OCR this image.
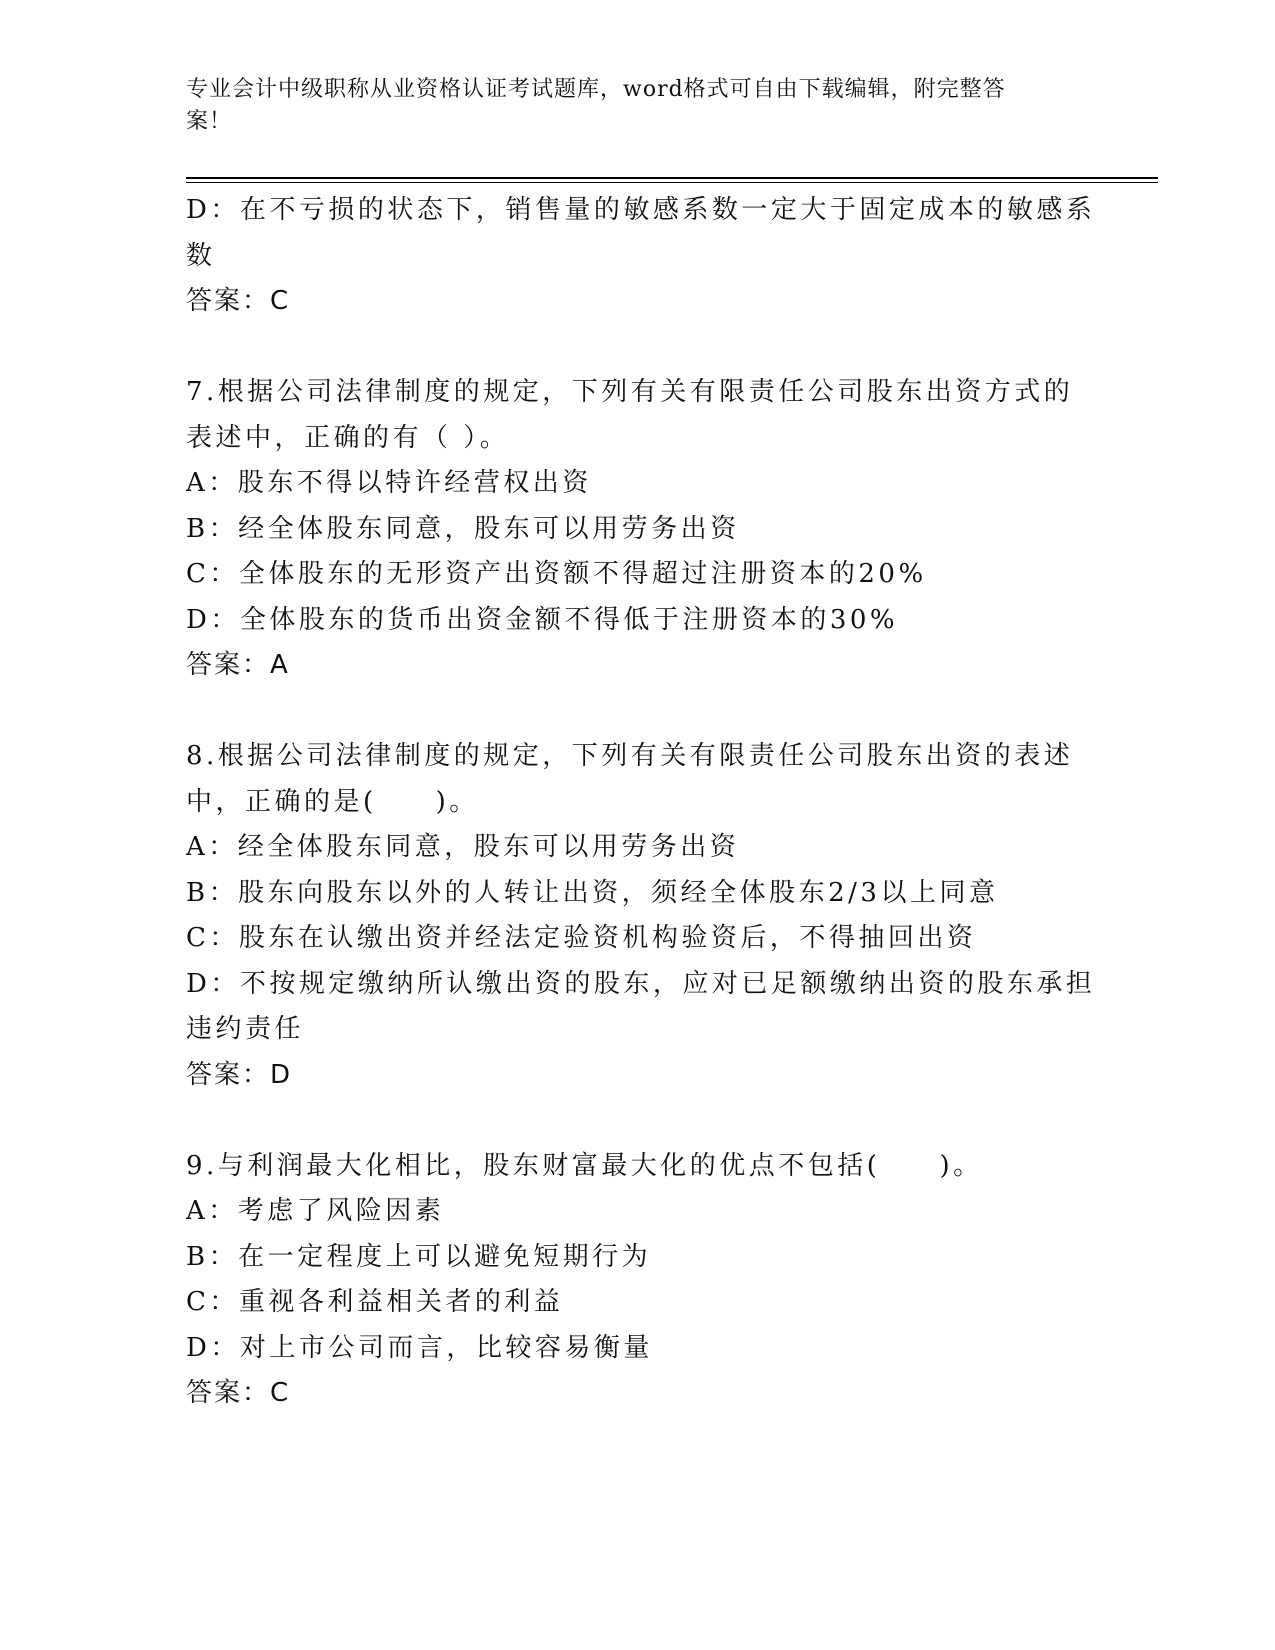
专业会计中级职称从业资格认证考试题库，word格式可自由下载编辑，附完整答
案！
D：在不亏损的状态下，销售量的敏感系数一定大于固定成本的敏感系
数
答案：C
7.根据公司法律制度的规定，下列有关有限责任公司股东出资方式的
表述中，正确的有（ ）。
A：股东不得以特许经营权出资
B：经全体股东同意，股东可以用劳务出资
C：全体股东的无形资产出资额不得超过注册资本的20%
D：全体股东的货币出资金额不得低于注册资本的30%
答案：A
8.根据公司法律制度的规定，下列有关有限责任公司股东出资的表述
中，正确的是(　　)。
A：经全体股东同意，股东可以用劳务出资
B：股东向股东以外的人转让出资，须经全体股东2/3以上同意
C：股东在认缴出资并经法定验资机构验资后，不得抽回出资
D：不按规定缴纳所认缴出资的股东，应对已足额缴纳出资的股东承担
违约责任
答案：D
9.与利润最大化相比，股东财富最大化的优点不包括(　　)。
A：考虑了风险因素
B：在一定程度上可以避免短期行为
C：重视各利益相关者的利益
D：对上市公司而言，比较容易衡量
答案：C
